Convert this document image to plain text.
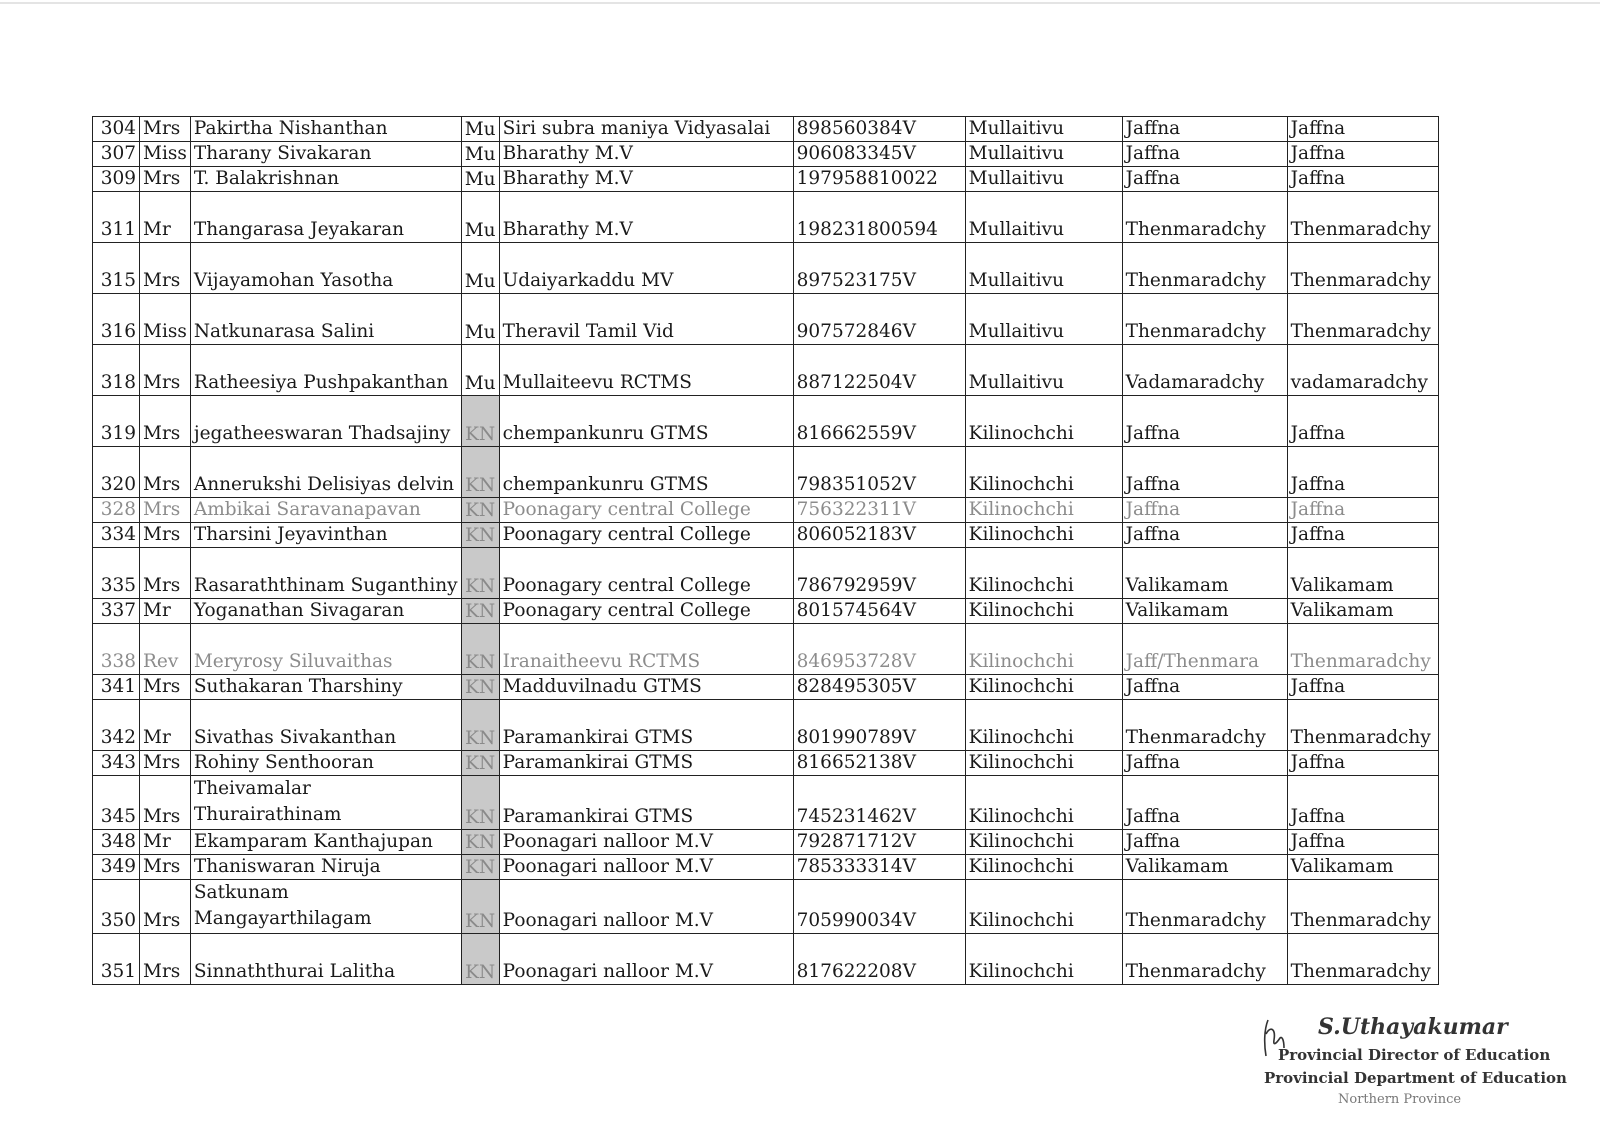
304	Mrs	Pakirtha Nishanthan	Mu	Siri subra maniya Vidyasalai	898560384V	Mullaitivu	Jaffna	Jaffna
307	Miss	Tharany Sivakaran	Mu	Bharathy M.V	906083345V	Mullaitivu	Jaffna	Jaffna
309	Mrs	T. Balakrishnan	Mu	Bharathy M.V	197958810022	Mullaitivu	Jaffna	Jaffna
311	Mr	Thangarasa Jeyakaran	Mu	Bharathy M.V	198231800594	Mullaitivu	Thenmaradchy	Thenmaradchy
315	Mrs	Vijayamohan Yasotha	Mu	Udaiyarkaddu MV	897523175V	Mullaitivu	Thenmaradchy	Thenmaradchy
316	Miss	Natkunarasa Salini	Mu	Theravil Tamil Vid	907572846V	Mullaitivu	Thenmaradchy	Thenmaradchy
318	Mrs	Ratheesiya Pushpakanthan	Mu	Mullaiteevu RCTMS	887122504V	Mullaitivu	Vadamaradchy	vadamaradchy
319	Mrs	jegatheeswaran Thadsajiny	KN	chempankunru GTMS	816662559V	Kilinochchi	Jaffna	Jaffna
320	Mrs	Annerukshi Delisiyas delvin	KN	chempankunru GTMS	798351052V	Kilinochchi	Jaffna	Jaffna
328	Mrs	Ambikai Saravanapavan	KN	Poonagary central College	756322311V	Kilinochchi	Jaffna	Jaffna
334	Mrs	Tharsini Jeyavinthan	KN	Poonagary central College	806052183V	Kilinochchi	Jaffna	Jaffna
335	Mrs	Rasaraththinam Suganthiny	KN	Poonagary central College	786792959V	Kilinochchi	Valikamam	Valikamam
337	Mr	Yoganathan Sivagaran	KN	Poonagary central College	801574564V	Kilinochchi	Valikamam	Valikamam
338	Rev	Meryrosy Siluvaithas	KN	Iranaitheevu RCTMS	846953728V	Kilinochchi	Jaff/Thenmara	Thenmaradchy
341	Mrs	Suthakaran Tharshiny	KN	Madduvilnadu GTMS	828495305V	Kilinochchi	Jaffna	Jaffna
342	Mr	Sivathas Sivakanthan	KN	Paramankirai GTMS	801990789V	Kilinochchi	Thenmaradchy	Thenmaradchy
343	Mrs	Rohiny Senthooran	KN	Paramankirai GTMS	816652138V	Kilinochchi	Jaffna	Jaffna
345	Mrs	Theivamalar Thurairathinam	KN	Paramankirai GTMS	745231462V	Kilinochchi	Jaffna	Jaffna
348	Mr	Ekamparam Kanthajupan	KN	Poonagari nalloor M.V	792871712V	Kilinochchi	Jaffna	Jaffna
349	Mrs	Thaniswaran Niruja	KN	Poonagari nalloor M.V	785333314V	Kilinochchi	Valikamam	Valikamam
350	Mrs	Satkunam Mangayarthilagam	KN	Poonagari nalloor M.V	705990034V	Kilinochchi	Thenmaradchy	Thenmaradchy
351	Mrs	Sinnaththurai Lalitha	KN	Poonagari nalloor M.V	817622208V	Kilinochchi	Thenmaradchy	Thenmaradchy
S.Uthayakumar
Provincial Director of Education
Provincial Department of Education
Northern Province
